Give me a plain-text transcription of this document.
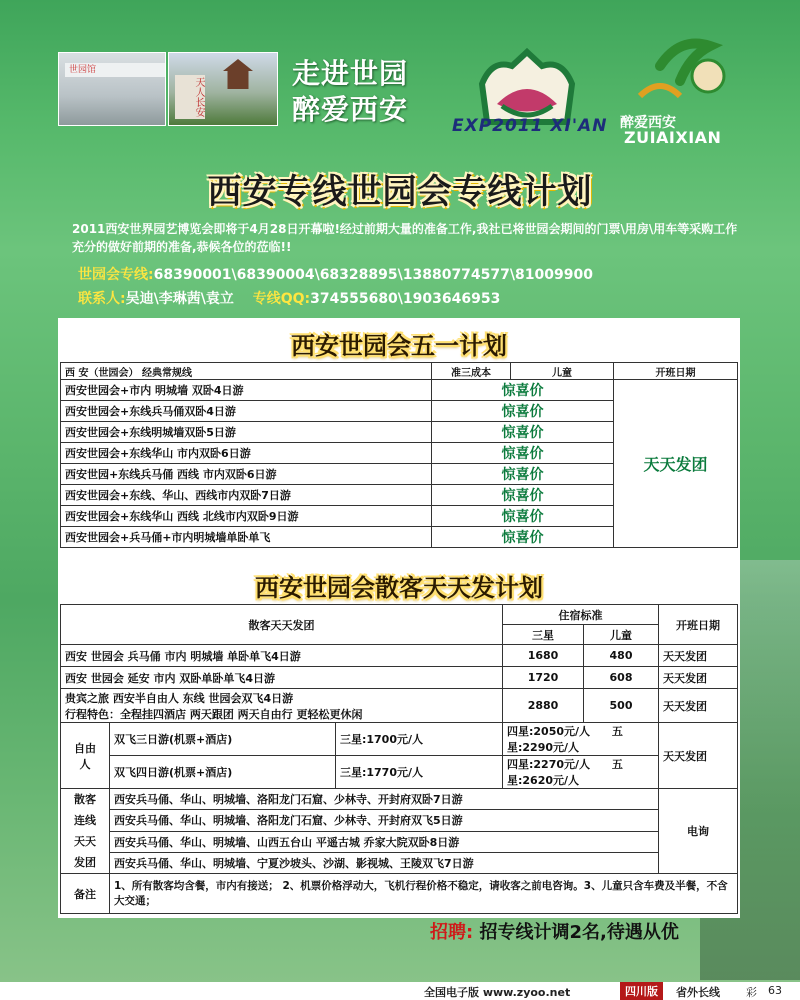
世园馆
天人长安
走进世园
醉爱西安	EXP2011 XI'AN 醉爱西安
ZUIAIXIAN
西安专线世园会专线计划
2011西安世界园艺博览会即将于4月28日开幕啦!经过前期大量的准备工作,我社已将世园会期间的门票\用房\用车等采购工作充分的做好前期的准备,恭候各位的莅临!!
世园会专线:68390001\68390004\68328895\13880774577\81009900
联系人:吴迪\李琳茜\袁立 专线QQ:374555680\1903646953
西安世园会五一计划
西 安（世园会） 经典常规线	准三成本	儿童	开班日期
西安世园会+市内 明城墙 双卧4日游	惊喜价		天天发团
西安世园会+东线兵马俑双卧4日游	惊喜价		
西安世园会+东线明城墙双卧5日游	惊喜价		
西安世园会+东线华山 市内双卧6日游	惊喜价		
西安世园+东线兵马俑 西线 市内双卧6日游	惊喜价		
西安世园会+东线、华山、西线市内双卧7日游	惊喜价		
西安世园会+东线华山 西线 北线市内双卧9日游	惊喜价		
西安世园会+兵马俑+市内明城墙单卧单飞	惊喜价		
西安世园会散客天天发计划
散客天天发团			住宿标准		开班日期
			三星	儿童	
西安 世园会 兵马俑 市内 明城墙 单卧单飞4日游			1680	480	天天发团
西安 世园会 延安 市内 双卧单卧单飞4日游			1720	608	天天发团

贵宾之旅 西安半自由人 东线 世园会双飞4日游
行程特色：全程挂四酒店 两天跟团 两天自由行 更轻松更休闲			2880	500	天天发团

自由
人	双飞三日游(机票+酒店)	三星:1700元/人	四星:2050元/人 五星:2290元/人		天天发团
	双飞四日游(机票+酒店)	三星:1770元/人	四星:2270元/人 五星:2620元/人		

散客
连线
天天
发团	西安兵马俑、华山、明城墙、洛阳龙门石窟、少林寺、开封府双卧7日游				电询
	西安兵马俑、华山、明城墙、洛阳龙门石窟、少林寺、开封府双飞5日游				
	西安兵马俑、华山、明城墙、山西五台山 平遥古城 乔家大院双卧8日游				
	西安兵马俑、华山、明城墙、宁夏沙坡头、沙湖、影视城、王陵双飞7日游				
备注	1、所有散客均含餐，市内有接送； 2、机票价格浮动大，飞机行程价格不稳定，请收客之前电咨询。3、儿童只含车费及半餐，不含大交通；				
招聘: 招专线计调2名,待遇从优
全国电子版 www.zyoo.net	四川版	省外长线 彩 63
